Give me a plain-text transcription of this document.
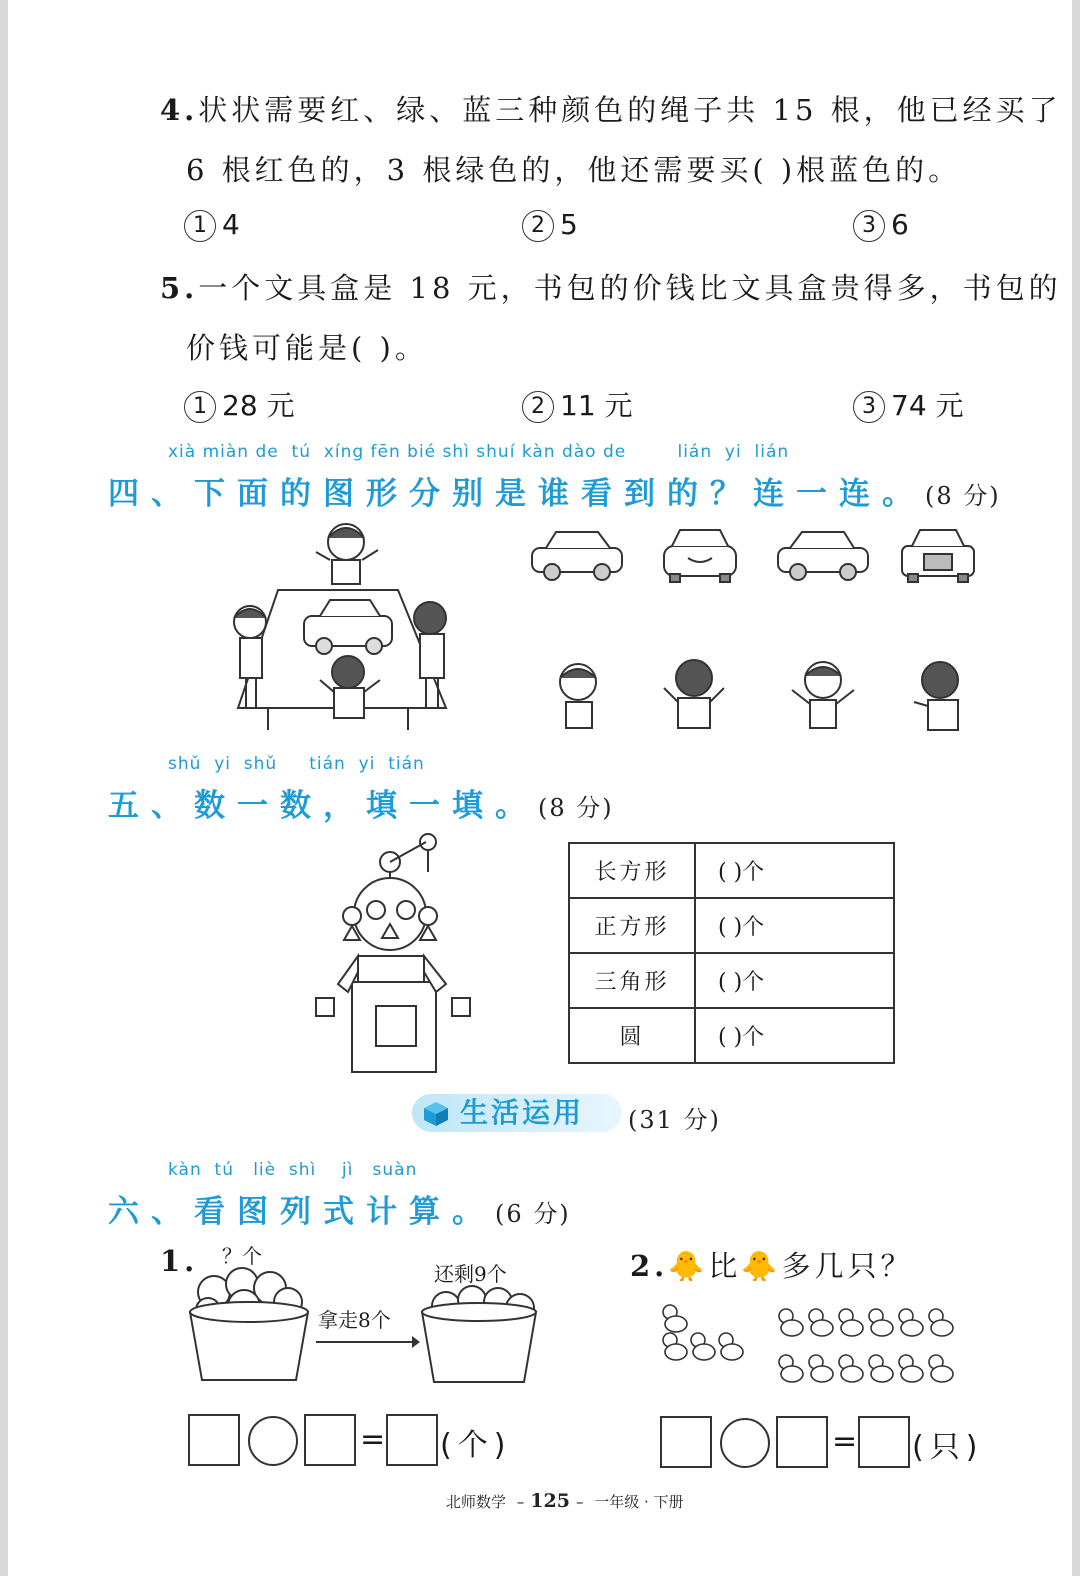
4.状状需要红、绿、蓝三种颜色的绳子共 15 根，他已经买了
6 根红色的，3 根绿色的，他还需要买( )根蓝色的。
1 4	2 5	3 6
5.一个文具盒是 18 元，书包的价钱比文具盒贵得多，书包的
价钱可能是( )。
1 28 元	2 11 元	3 74 元
xià miàn de  tú  xíng fēn bié shì shuí kàn dào de        lián  yi  lián
四、下面的图形分别是谁看到的？连一连。(8 分)
shǔ  yi  shǔ     tián  yi  tián
五、数一数，填一填。(8 分)
长方形	( )个
正方形	( )个
三角形	( )个
圆	( )个
生活运用 (31 分)
kàn  tú   liè  shì    jì   suàn
六、看图列式计算。(6 分)
1. ？个
还剩9个
拿走8个
= (个)
2.🐥比🐥多几只？
= (只)
北师数学 – 125 – 一年级 · 下册
